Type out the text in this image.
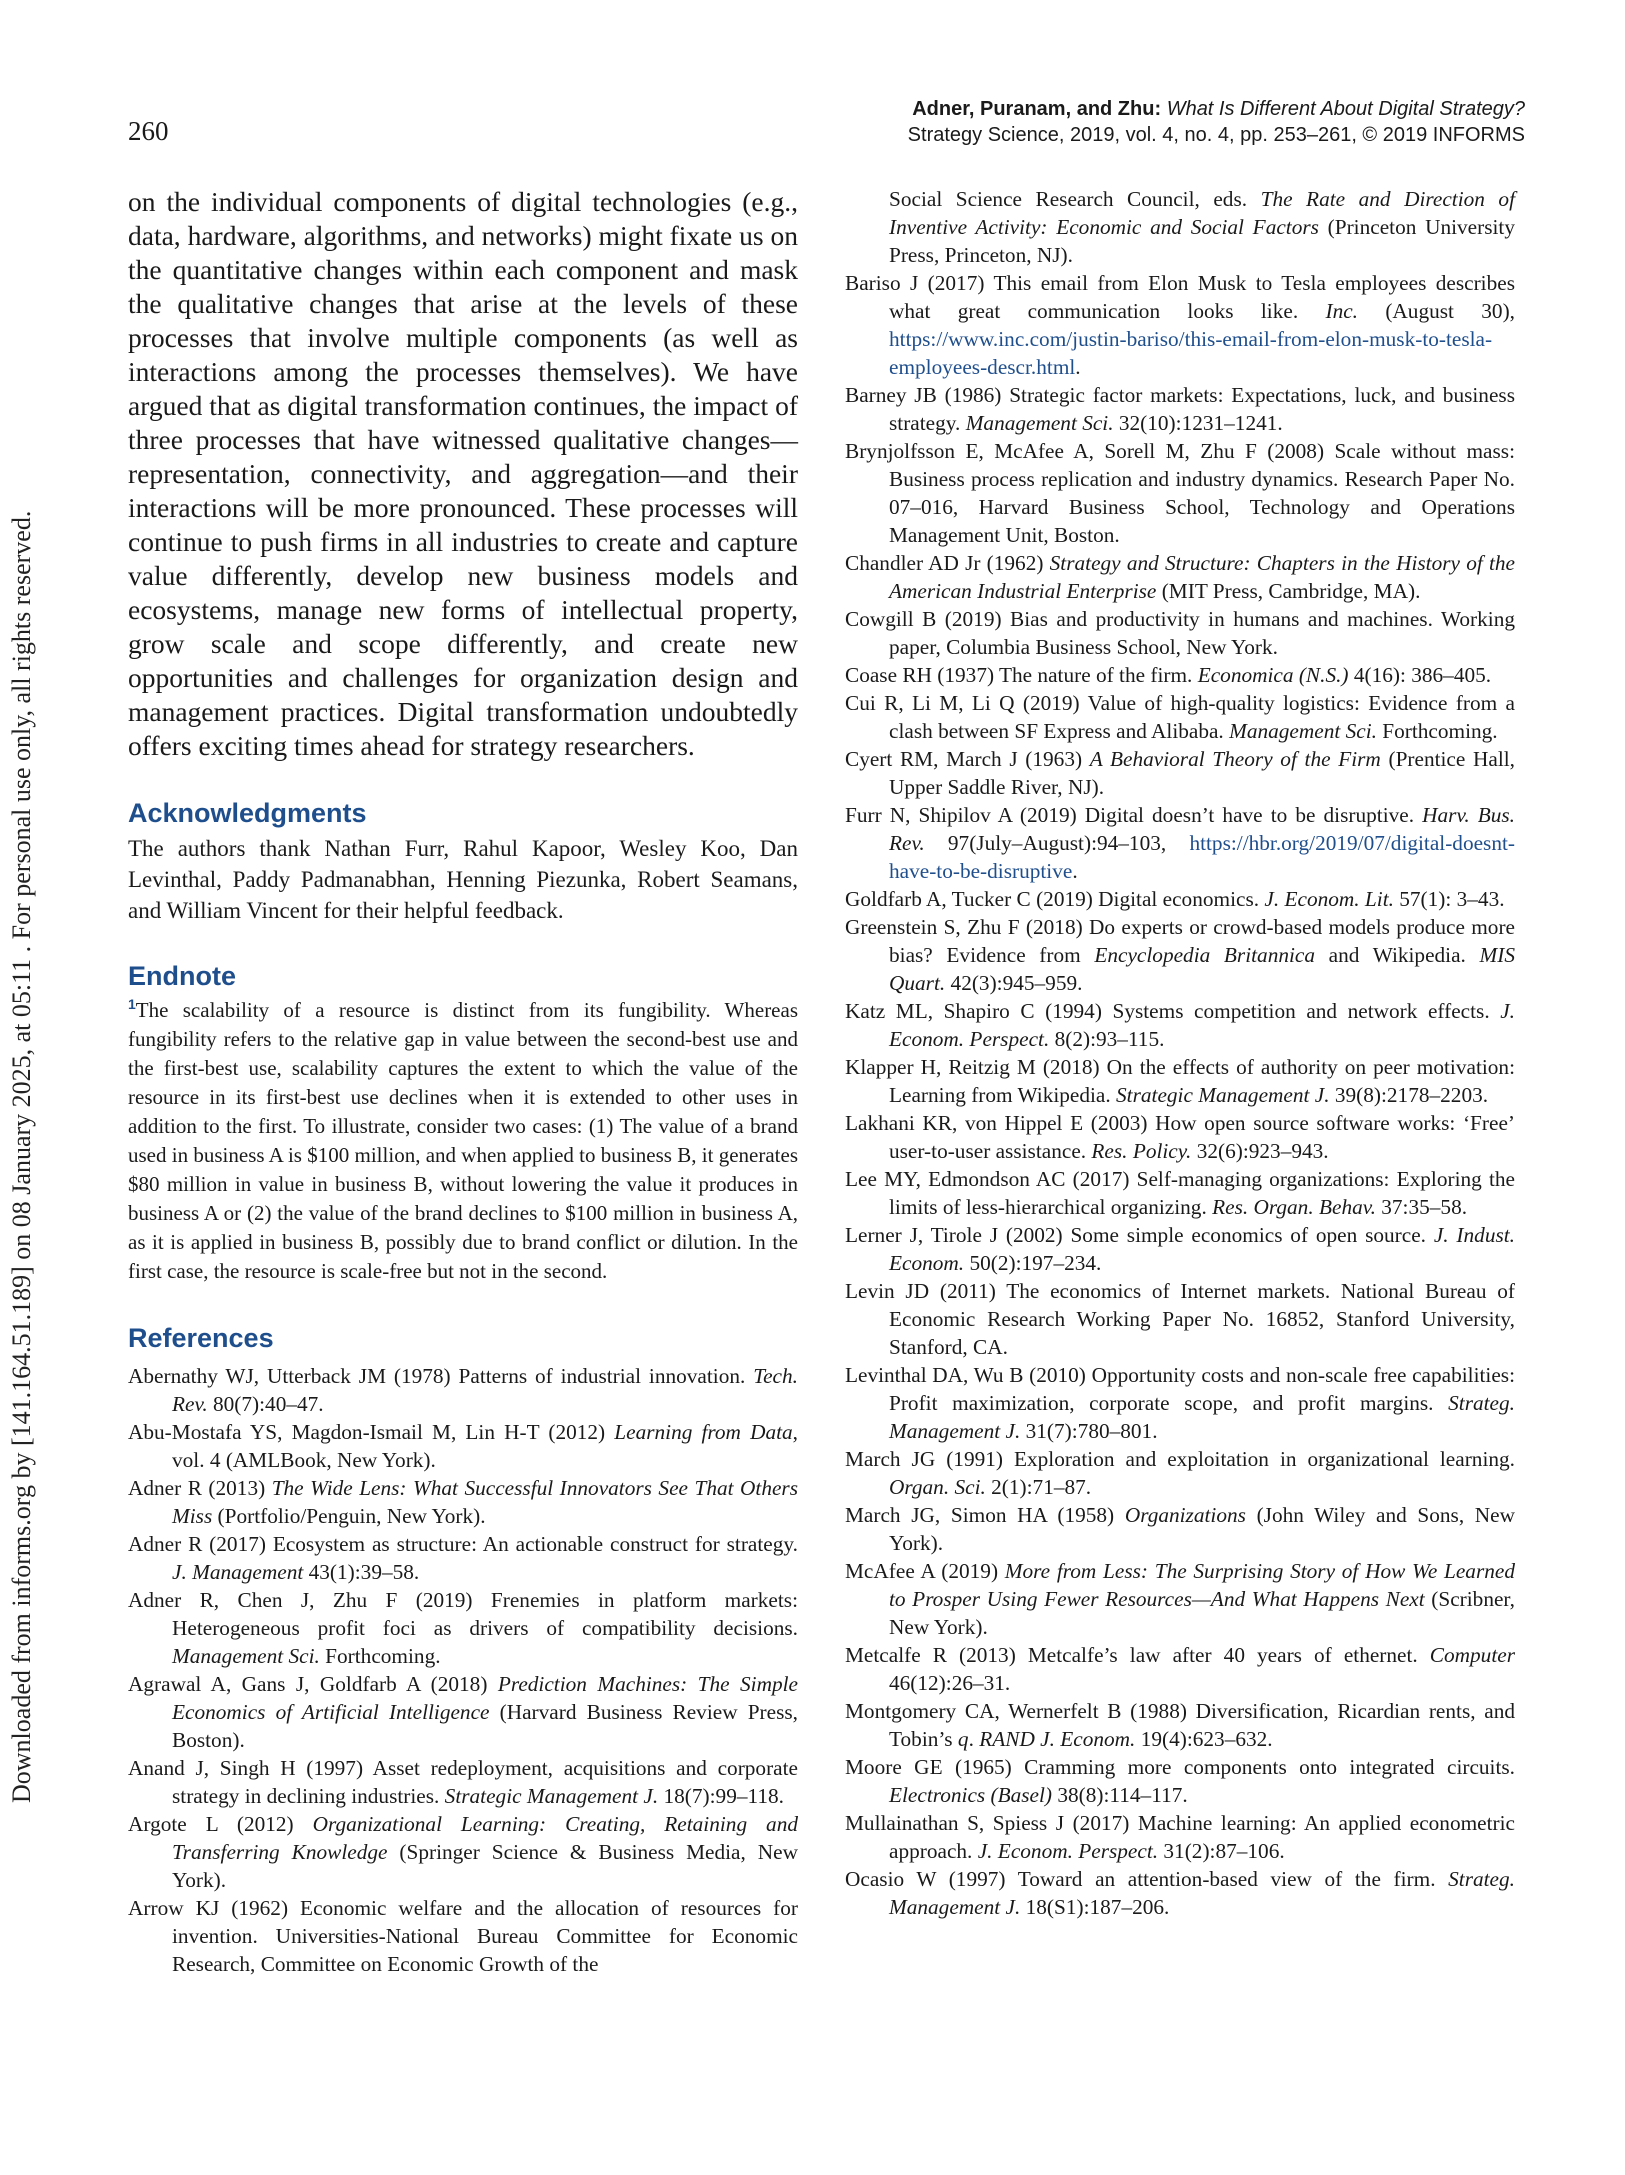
Downloaded from informs.org by [141.164.51.189] on 08 January 2025, at 05:11 . For personal use only, all rights reserved.
260
Adner, Puranam, and Zhu: What Is Different About Digital Strategy?
Strategy Science, 2019, vol. 4, no. 4, pp. 253–261, © 2019 INFORMS

on the individual components of digital technologies (e.g., data, hardware, algorithms, and networks) might fixate us on the quantitative changes within each component and mask the qualitative changes that arise at the levels of these processes that involve multiple components (as well as interactions among the processes themselves). We have argued that as digital transformation continues, the impact of three processes that have witnessed qualitative changes—representation, connectivity, and aggregation—and their interactions will be more pronounced. These processes will continue to push firms in all industries to create and capture value differently, develop new business models and ecosystems, manage new forms of intellectual property, grow scale and scope differently, and create new opportunities and challenges for organization design and management practices. Digital transformation undoubtedly offers exciting times ahead for strategy researchers.

Acknowledgments

The authors thank Nathan Furr, Rahul Kapoor, Wesley Koo, Dan Levinthal, Paddy Padmanabhan, Henning Piezunka, Robert Seamans, and William Vincent for their helpful feedback.

Endnote

$^1$The scalability of a resource is distinct from its fungibility. Whereas fungibility refers to the relative gap in value between the second-best use and the first-best use, scalability captures the extent to which the value of the resource in its first-best use declines when it is extended to other uses in addition to the first. To illustrate, consider two cases: (1) The value of a brand used in business A is $100 million, and when applied to business B, it generates $80 million in value in business B, without lowering the value it produces in business A or (2) the value of the brand declines to $100 million in business A, as it is applied in business B, possibly due to brand conflict or dilution. In the first case, the resource is scale-free but not in the second.

References
Abernathy WJ, Utterback JM (1978) Patterns of industrial innovation. Tech. Rev. 80(7):40–47.
Abu-Mostafa YS, Magdon-Ismail M, Lin H-T (2012) Learning from Data, vol. 4 (AMLBook, New York).
Adner R (2013) The Wide Lens: What Successful Innovators See That Others Miss (Portfolio/Penguin, New York).
Adner R (2017) Ecosystem as structure: An actionable construct for strategy. J. Management 43(1):39–58.
Adner R, Chen J, Zhu F (2019) Frenemies in platform markets: Heterogeneous profit foci as drivers of compatibility decisions. Management Sci. Forthcoming.
Agrawal A, Gans J, Goldfarb A (2018) Prediction Machines: The Simple Economics of Artificial Intelligence (Harvard Business Review Press, Boston).
Anand J, Singh H (1997) Asset redeployment, acquisitions and corporate strategy in declining industries. Strategic Management J. 18(7):99–118.
Argote L (2012) Organizational Learning: Creating, Retaining and Transferring Knowledge (Springer Science & Business Media, New York).
Arrow KJ (1962) Economic welfare and the allocation of resources for invention. Universities-National Bureau Committee for Economic Research, Committee on Economic Growth of the
Social Science Research Council, eds. The Rate and Direction of Inventive Activity: Economic and Social Factors (Princeton University Press, Princeton, NJ).
Bariso J (2017) This email from Elon Musk to Tesla employees describes what great communication looks like. Inc. (August 30), https://www.inc.com/justin-bariso/this-email-from-elon-musk-to-tesla-employees-descr.html.
Barney JB (1986) Strategic factor markets: Expectations, luck, and business strategy. Management Sci. 32(10):1231–1241.
Brynjolfsson E, McAfee A, Sorell M, Zhu F (2008) Scale without mass: Business process replication and industry dynamics. Research Paper No. 07–016, Harvard Business School, Technology and Operations Management Unit, Boston.
Chandler AD Jr (1962) Strategy and Structure: Chapters in the History of the American Industrial Enterprise (MIT Press, Cambridge, MA).
Cowgill B (2019) Bias and productivity in humans and machines. Working paper, Columbia Business School, New York.
Coase RH (1937) The nature of the firm. Economica (N.S.) 4(16): 386–405.
Cui R, Li M, Li Q (2019) Value of high-quality logistics: Evidence from a clash between SF Express and Alibaba. Management Sci. Forthcoming.
Cyert RM, March J (1963) A Behavioral Theory of the Firm (Prentice Hall, Upper Saddle River, NJ).
Furr N, Shipilov A (2019) Digital doesn’t have to be disruptive. Harv. Bus. Rev. 97(July–August):94–103, https://hbr.org/2019/07/digital-doesnt-have-to-be-disruptive.
Goldfarb A, Tucker C (2019) Digital economics. J. Econom. Lit. 57(1): 3–43.
Greenstein S, Zhu F (2018) Do experts or crowd-based models produce more bias? Evidence from Encyclopedia Britannica and Wikipedia. MIS Quart. 42(3):945–959.
Katz ML, Shapiro C (1994) Systems competition and network effects. J. Econom. Perspect. 8(2):93–115.
Klapper H, Reitzig M (2018) On the effects of authority on peer motivation: Learning from Wikipedia. Strategic Management J. 39(8):2178–2203.
Lakhani KR, von Hippel E (2003) How open source software works: ‘Free’ user-to-user assistance. Res. Policy. 32(6):923–943.
Lee MY, Edmondson AC (2017) Self-managing organizations: Exploring the limits of less-hierarchical organizing. Res. Organ. Behav. 37:35–58.
Lerner J, Tirole J (2002) Some simple economics of open source. J. Indust. Econom. 50(2):197–234.
Levin JD (2011) The economics of Internet markets. National Bureau of Economic Research Working Paper No. 16852, Stanford University, Stanford, CA.
Levinthal DA, Wu B (2010) Opportunity costs and non-scale free capabilities: Profit maximization, corporate scope, and profit margins. Strateg. Management J. 31(7):780–801.
March JG (1991) Exploration and exploitation in organizational learning. Organ. Sci. 2(1):71–87.
March JG, Simon HA (1958) Organizations (John Wiley and Sons, New York).
McAfee A (2019) More from Less: The Surprising Story of How We Learned to Prosper Using Fewer Resources—And What Happens Next (Scribner, New York).
Metcalfe R (2013) Metcalfe’s law after 40 years of ethernet. Computer 46(12):26–31.
Montgomery CA, Wernerfelt B (1988) Diversification, Ricardian rents, and Tobin’s q. RAND J. Econom. 19(4):623–632.
Moore GE (1965) Cramming more components onto integrated circuits. Electronics (Basel) 38(8):114–117.
Mullainathan S, Spiess J (2017) Machine learning: An applied econometric approach. J. Econom. Perspect. 31(2):87–106.
Ocasio W (1997) Toward an attention-based view of the firm. Strateg. Management J. 18(S1):187–206.
